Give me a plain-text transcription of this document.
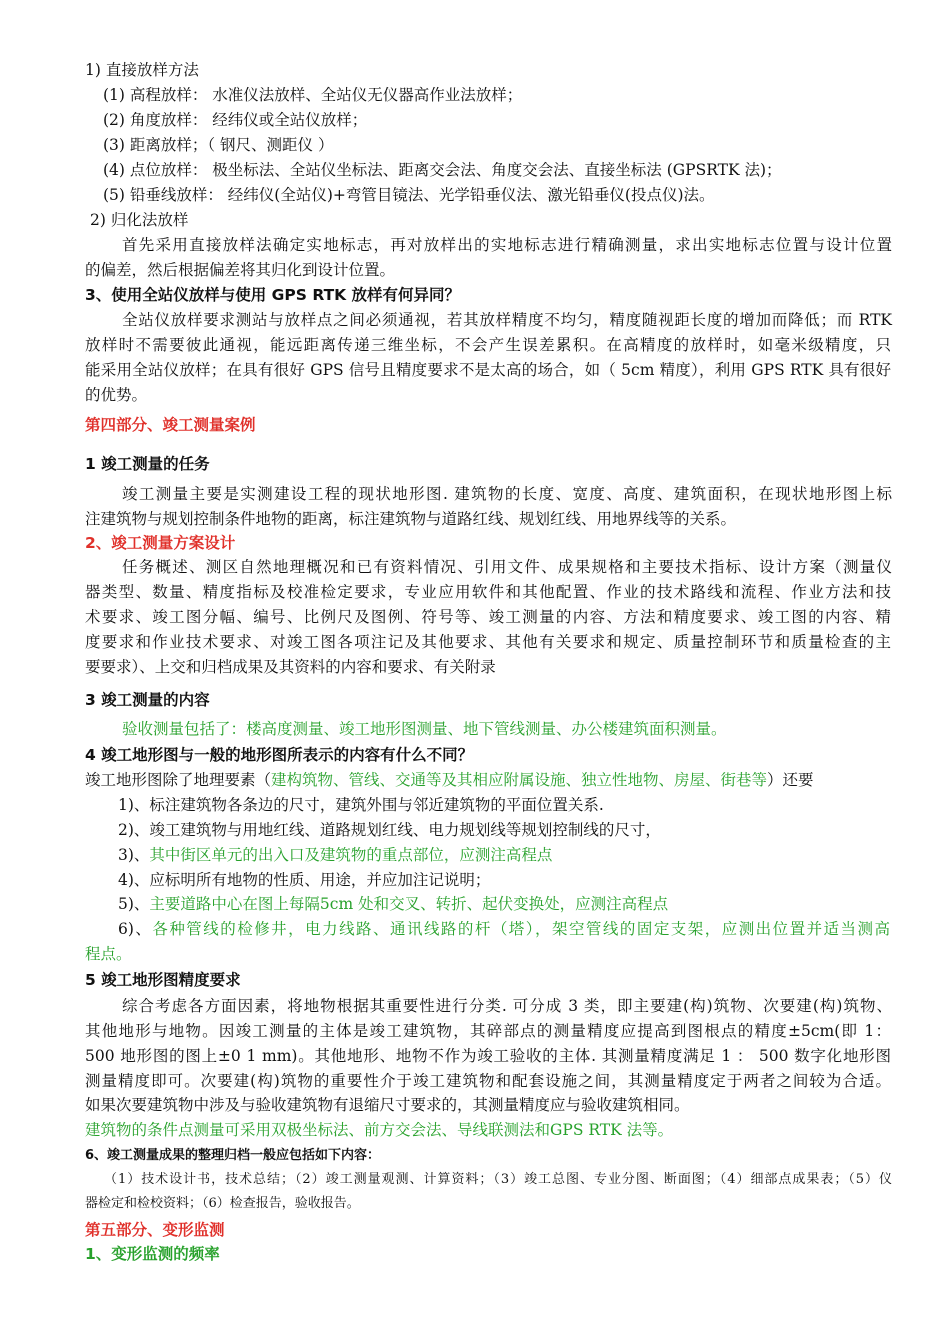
1) 直接放样方法
(1) 高程放样： 水准仪法放样、全站仪无仪器高作业法放样；
(2) 角度放样： 经纬仪或全站仪放样；
(3) 距离放样；（ 钢尺、测距仪 ）
(4) 点位放样： 极坐标法、全站仪坐标法、距离交会法、角度交会法、直接坐标法 (GPSRTK 法)；
(5) 铅垂线放样： 经纬仪(全站仪)+弯管目镜法、光学铅垂仪法、激光铅垂仪(投点仪)法。
2) 归化法放样
首先采用直接放样法确定实地标志，再对放样出的实地标志进行精确测量，求出实地标志位置与设计位置
的偏差，然后根据偏差将其归化到设计位置。
3、使用全站仪放样与使用 GPS RTK 放样有何异同？
全站仪放样要求测站与放样点之间必须通视，若其放样精度不均匀，精度随视距长度的增加而降低；而 RTK
放样时不需要彼此通视，能远距离传递三维坐标，不会产生误差累积。在高精度的放样时，如毫米级精度，只
能采用全站仪放样；在具有很好 GPS 信号且精度要求不是太高的场合，如（ 5cm 精度），利用 GPS RTK 具有很好
的优势。
第四部分、竣工测量案例
1 竣工测量的任务
竣工测量主要是实测建设工程的现状地形图. 建筑物的长度、宽度、高度、建筑面积，在现状地形图上标
注建筑物与规划控制条件地物的距离，标注建筑物与道路红线、规划红线、用地界线等的关系。
2、竣工测量方案设计
任务概述、测区自然地理概况和已有资料情况、引用文件、成果规格和主要技术指标、设计方案（测量仪
器类型、数量、精度指标及校准检定要求，专业应用软件和其他配置、作业的技术路线和流程、作业方法和技
术要求、竣工图分幅、编号、比例尺及图例、符号等、竣工测量的内容、方法和精度要求、竣工图的内容、精
度要求和作业技术要求、对竣工图各项注记及其他要求、其他有关要求和规定、质量控制环节和质量检查的主
要要求）、上交和归档成果及其资料的内容和要求、有关附录
3 竣工测量的内容
验收测量包括了：楼高度测量、竣工地形图测量、地下管线测量、办公楼建筑面积测量。
4 竣工地形图与一般的地形图所表示的内容有什么不同？
竣工地形图除了地理要素（建构筑物、管线、交通等及其相应附属设施、独立性地物、房屋、街巷等）还要
1)、标注建筑物各条边的尺寸，建筑外围与邻近建筑物的平面位置关系.
2)、竣工建筑物与用地红线、道路规划红线、电力规划线等规划控制线的尺寸，
3)、其中街区单元的出入口及建筑物的重点部位，应测注高程点
4)、应标明所有地物的性质、用途，并应加注记说明；
5)、主要道路中心在图上每隔5cm 处和交叉、转折、起伏变换处，应测注高程点
6)、各种管线的检修井，电力线路、通讯线路的杆（塔），架空管线的固定支架，应测出位置并适当测高
程点。
5 竣工地形图精度要求
综合考虑各方面因素，将地物根据其重要性进行分类. 可分成 3 类，即主要建(构)筑物、次要建(构)筑物、
其他地形与地物。因竣工测量的主体是竣工建筑物，其碎部点的测量精度应提高到图根点的精度±5cm(即 1：
500 地形图的图上±0 1 mm)。其他地形、地物不作为竣工验收的主体. 其测量精度满足 1 ： 500 数字化地形图
测量精度即可。次要建(构)筑物的重要性介于竣工建筑物和配套设施之间，其测量精度定于两者之间较为合适。
如果次要建筑物中涉及与验收建筑物有退缩尺寸要求的，其测量精度应与验收建筑相同。
建筑物的条件点测量可采用双极坐标法、前方交会法、导线联测法和GPS RTK 法等。
6、竣工测量成果的整理归档一般应包括如下内容：
（1）技术设计书，技术总结；（2）竣工测量观测、计算资料；（3）竣工总图、专业分图、断面图；（4）细部点成果表；（5）仪
器检定和检校资料；（6）检查报告，验收报告。
第五部分、变形监测
1、变形监测的频率
